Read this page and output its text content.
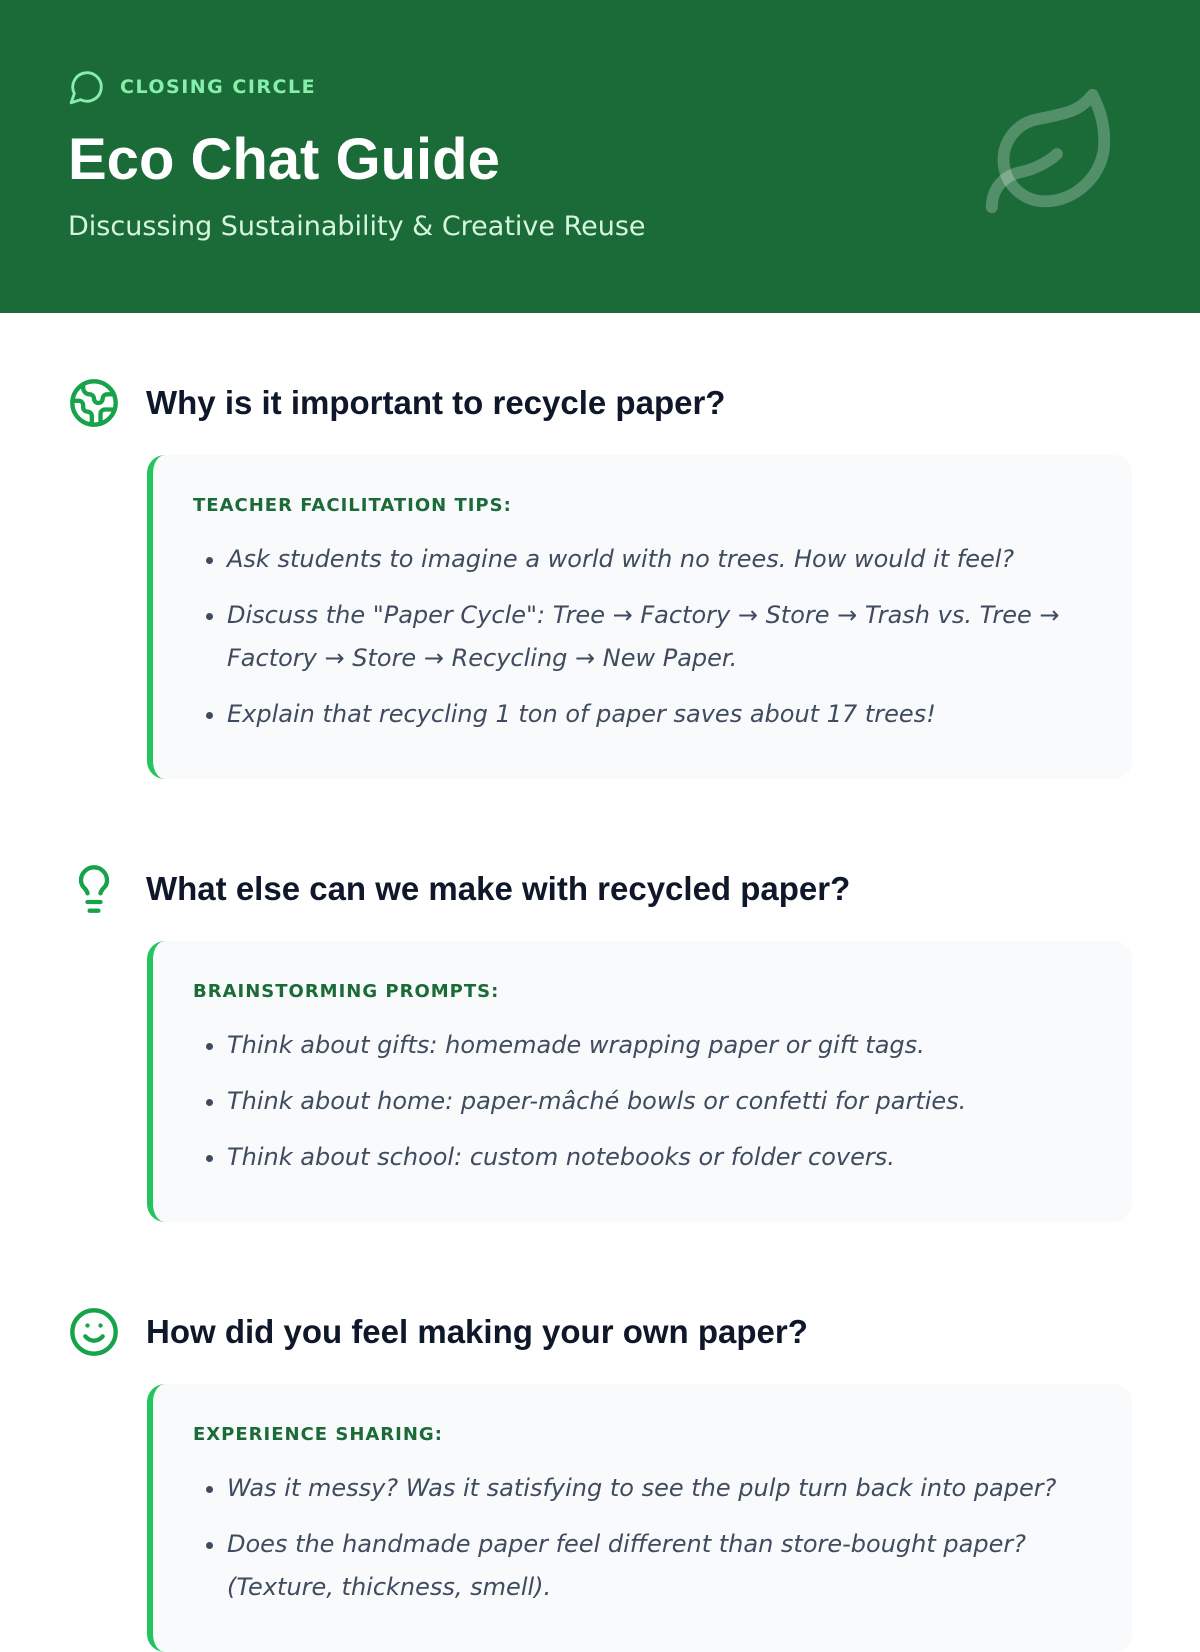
CLOSING CIRCLE
Eco Chat Guide
Discussing Sustainability & Creative Reuse
Why is it important to recycle paper?
TEACHER FACILITATION TIPS:
• Ask students to imagine a world with no trees. How would it feel?
• Discuss the "Paper Cycle": Tree → Factory → Store → Trash vs. Tree → Factory → Store → Recycling → New Paper.
• Explain that recycling 1 ton of paper saves about 17 trees!
What else can we make with recycled paper?
BRAINSTORMING PROMPTS:
• Think about gifts: homemade wrapping paper or gift tags.
• Think about home: paper-mâché bowls or confetti for parties.
• Think about school: custom notebooks or folder covers.
How did you feel making your own paper?
EXPERIENCE SHARING:
• Was it messy? Was it satisfying to see the pulp turn back into paper?
• Does the handmade paper feel different than store-bought paper? (Texture, thickness, smell).
